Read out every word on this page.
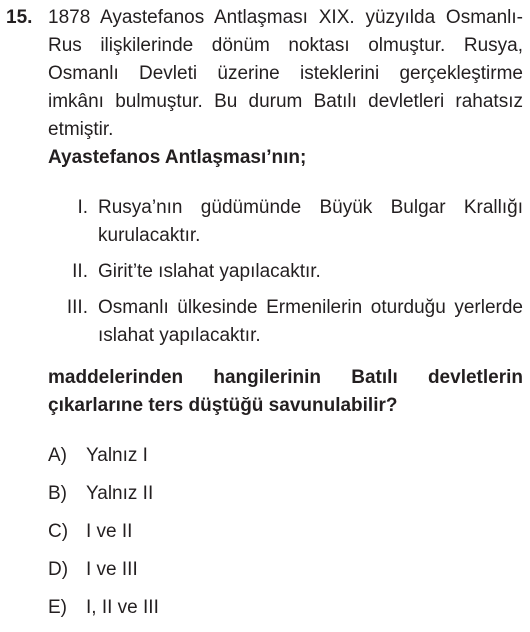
15. 1878 Ayastefanos Antlaşması XIX. yüzyılda Osmanlı-Rus ilişkilerinde dönüm noktası olmuştur. Rusya, Osmanlı Devleti üzerine isteklerini gerçekleştirme imkânı bulmuştur. Bu durum Batılı devletleri rahatsız etmiştir.

Ayastefanos Antlaşması’nın;

I. Rusya’nın güdümünde Büyük Bulgar Krallığı kurulacaktır.
II. Girit’te ıslahat yapılacaktır.
III. Osmanlı ülkesinde Ermenilerin oturduğu yerlerde ıslahat yapılacaktır.

maddelerinden hangilerinin Batılı devletlerin çıkarlarıne ters düştüğü savunulabilir?

A)	Yalnız I
B)	Yalnız II
C) I ve II
D) I ve III
E)	I, II ve III
